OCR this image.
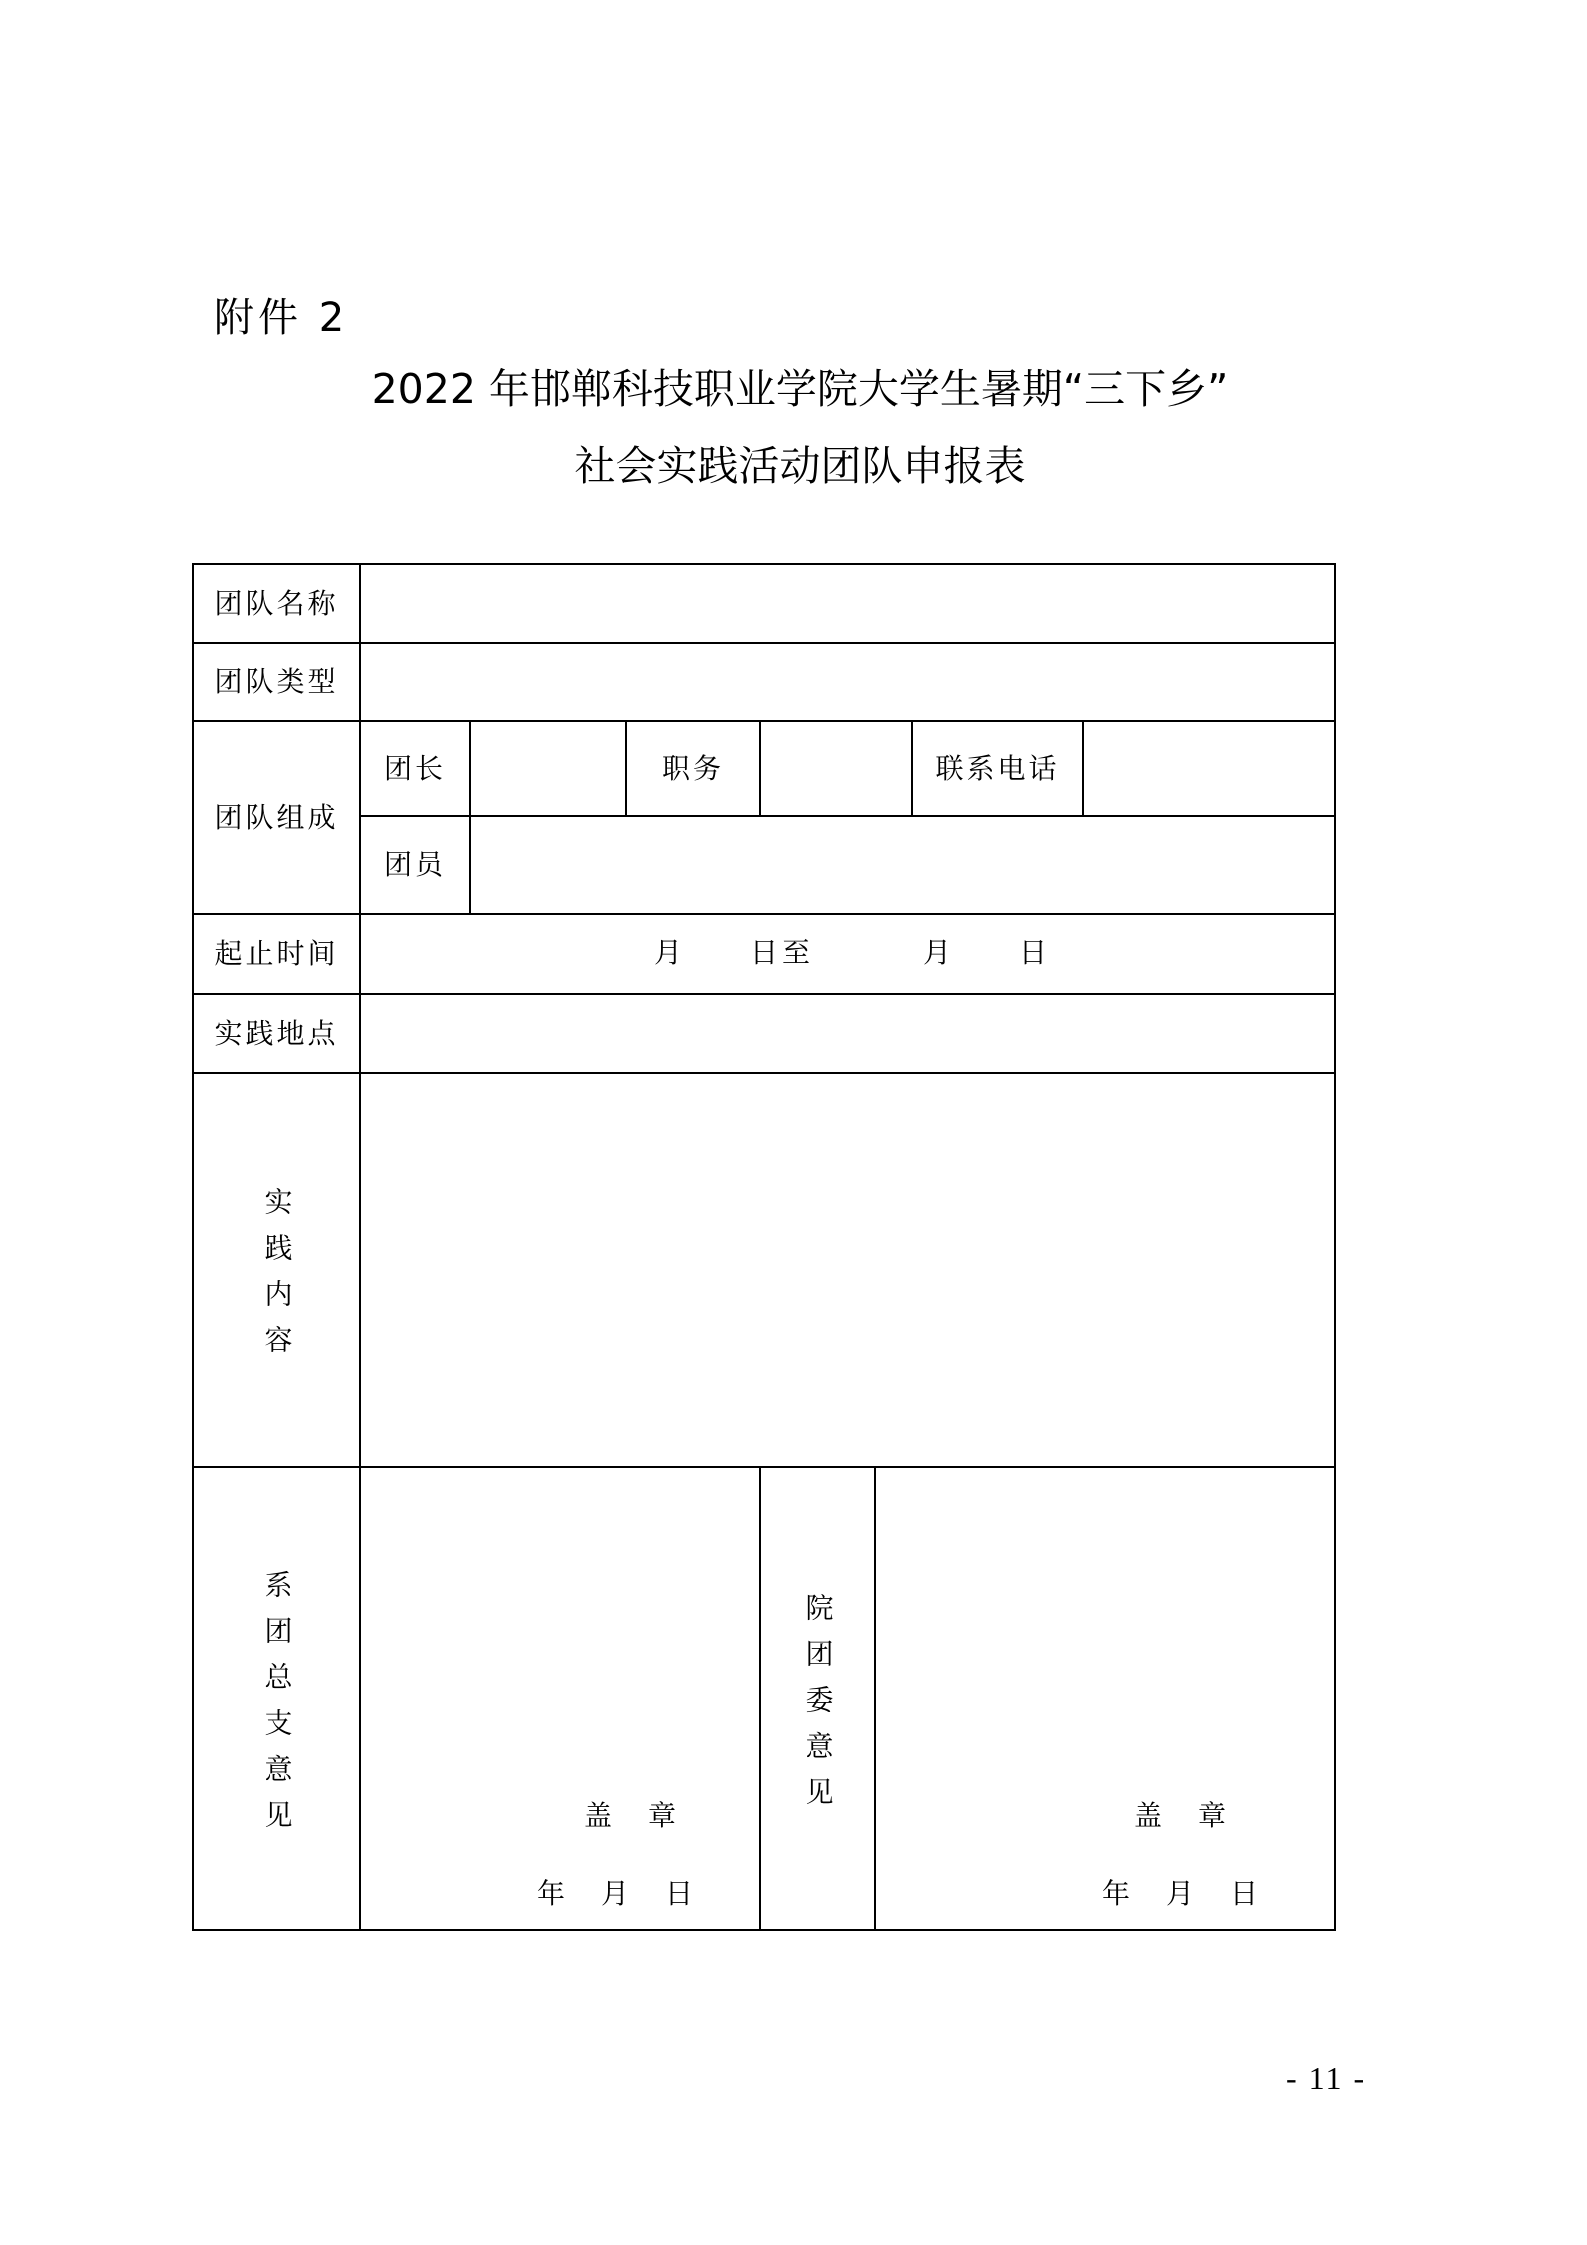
附件 2
2022 年邯郸科技职业学院大学生暑期“三下乡”
社会实践活动团队申报表
团队名称
团队类型
团队组成
团长	职务	联系电话
团员
起止时间	月 日至	月 日
实践地点
实践内容
系团总支意见	盖　章
年　月　日
院团委意见	盖　章
年　月　日
- 11 -
